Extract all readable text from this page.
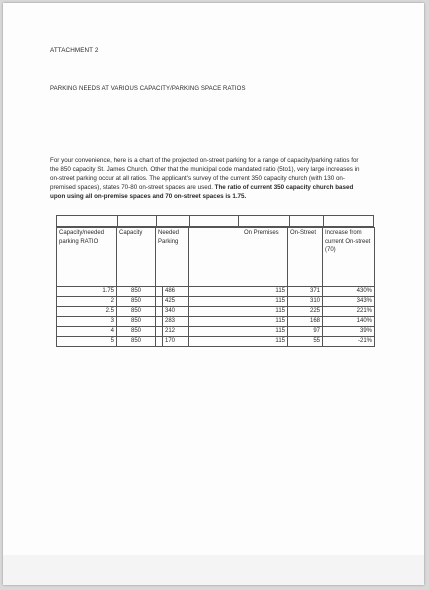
ATTACHMENT 2
PARKING NEEDS AT VARIOUS CAPACITY/PARKING SPACE RATIOS
For your convenience, here is a chart of the projected on-street parking for a range of capacity/parking ratios for the 850 capacity St. James Church. Other that the municipal code mandated ratio (5to1), very large increases in on-street parking occur at all ratios. The applicant's survey of the current 350 capacity church (with 130 on-premised spaces), states 70-80 on-street spaces are used. The ratio of current 350 capacity church based upon using all on-premise spaces and 70 on-street spaces is 1.75.
Capacity/needed parking RATIO	Capacity	Needed Parking		On Premises	On-Street	Increase from current On-street (70)
1.75	850		486	115	371	430%
2	850		425	115	310	343%
2.5	850		340	115	225	221%
3	850		283	115	168	140%
4	850		212	115	97	39%
5	850		170	115	55	-21%
